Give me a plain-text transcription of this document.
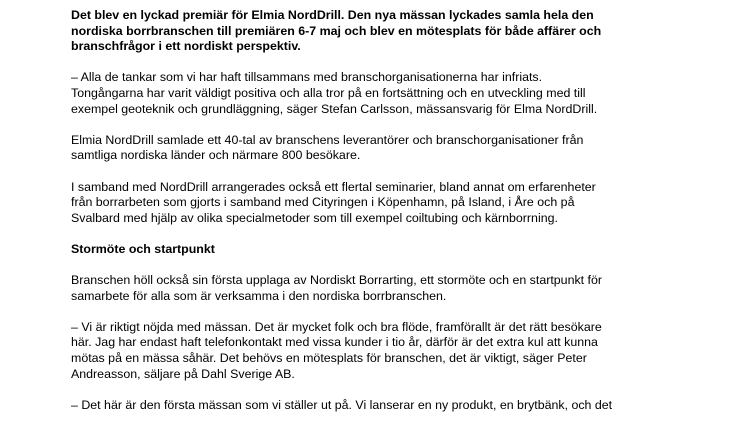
Det blev en lyckad premiär för Elmia NordDrill. Den nya mässan lyckades samla hela den
nordiska borrbranschen till premiären 6-7 maj och blev en mötesplats för både affärer och
branschfrågor i ett nordiskt perspektiv.

– Alla de tankar som vi har haft tillsammans med branschorganisationerna har infriats.
Tongångarna har varit väldigt positiva och alla tror på en fortsättning och en utveckling med till
exempel geoteknik och grundläggning, säger Stefan Carlsson, mässansvarig för Elma NordDrill.

Elmia NordDrill samlade ett 40-tal av branschens leverantörer och branschorganisationer från
samtliga nordiska länder och närmare 800 besökare.

I samband med NordDrill arrangerades också ett flertal seminarier, bland annat om erfarenheter
från borrarbeten som gjorts i samband med Cityringen i Köpenhamn, på Island, i Åre och på
Svalbard med hjälp av olika specialmetoder som till exempel coiltubing och kärnborrning.

Stormöte och startpunkt

Branschen höll också sin första upplaga av Nordiskt Borrarting, ett stormöte och en startpunkt för
samarbete för alla som är verksamma i den nordiska borrbranschen.

– Vi är riktigt nöjda med mässan. Det är mycket folk och bra flöde, framförallt är det rätt besökare
här. Jag har endast haft telefonkontakt med vissa kunder i tio år, därför är det extra kul att kunna
mötas på en mässa såhär. Det behövs en mötesplats för branschen, det är viktigt, säger Peter
Andreasson, säljare på Dahl Sverige AB.

– Det här är den första mässan som vi ställer ut på. Vi lanserar en ny produkt, en brytbänk, och det
